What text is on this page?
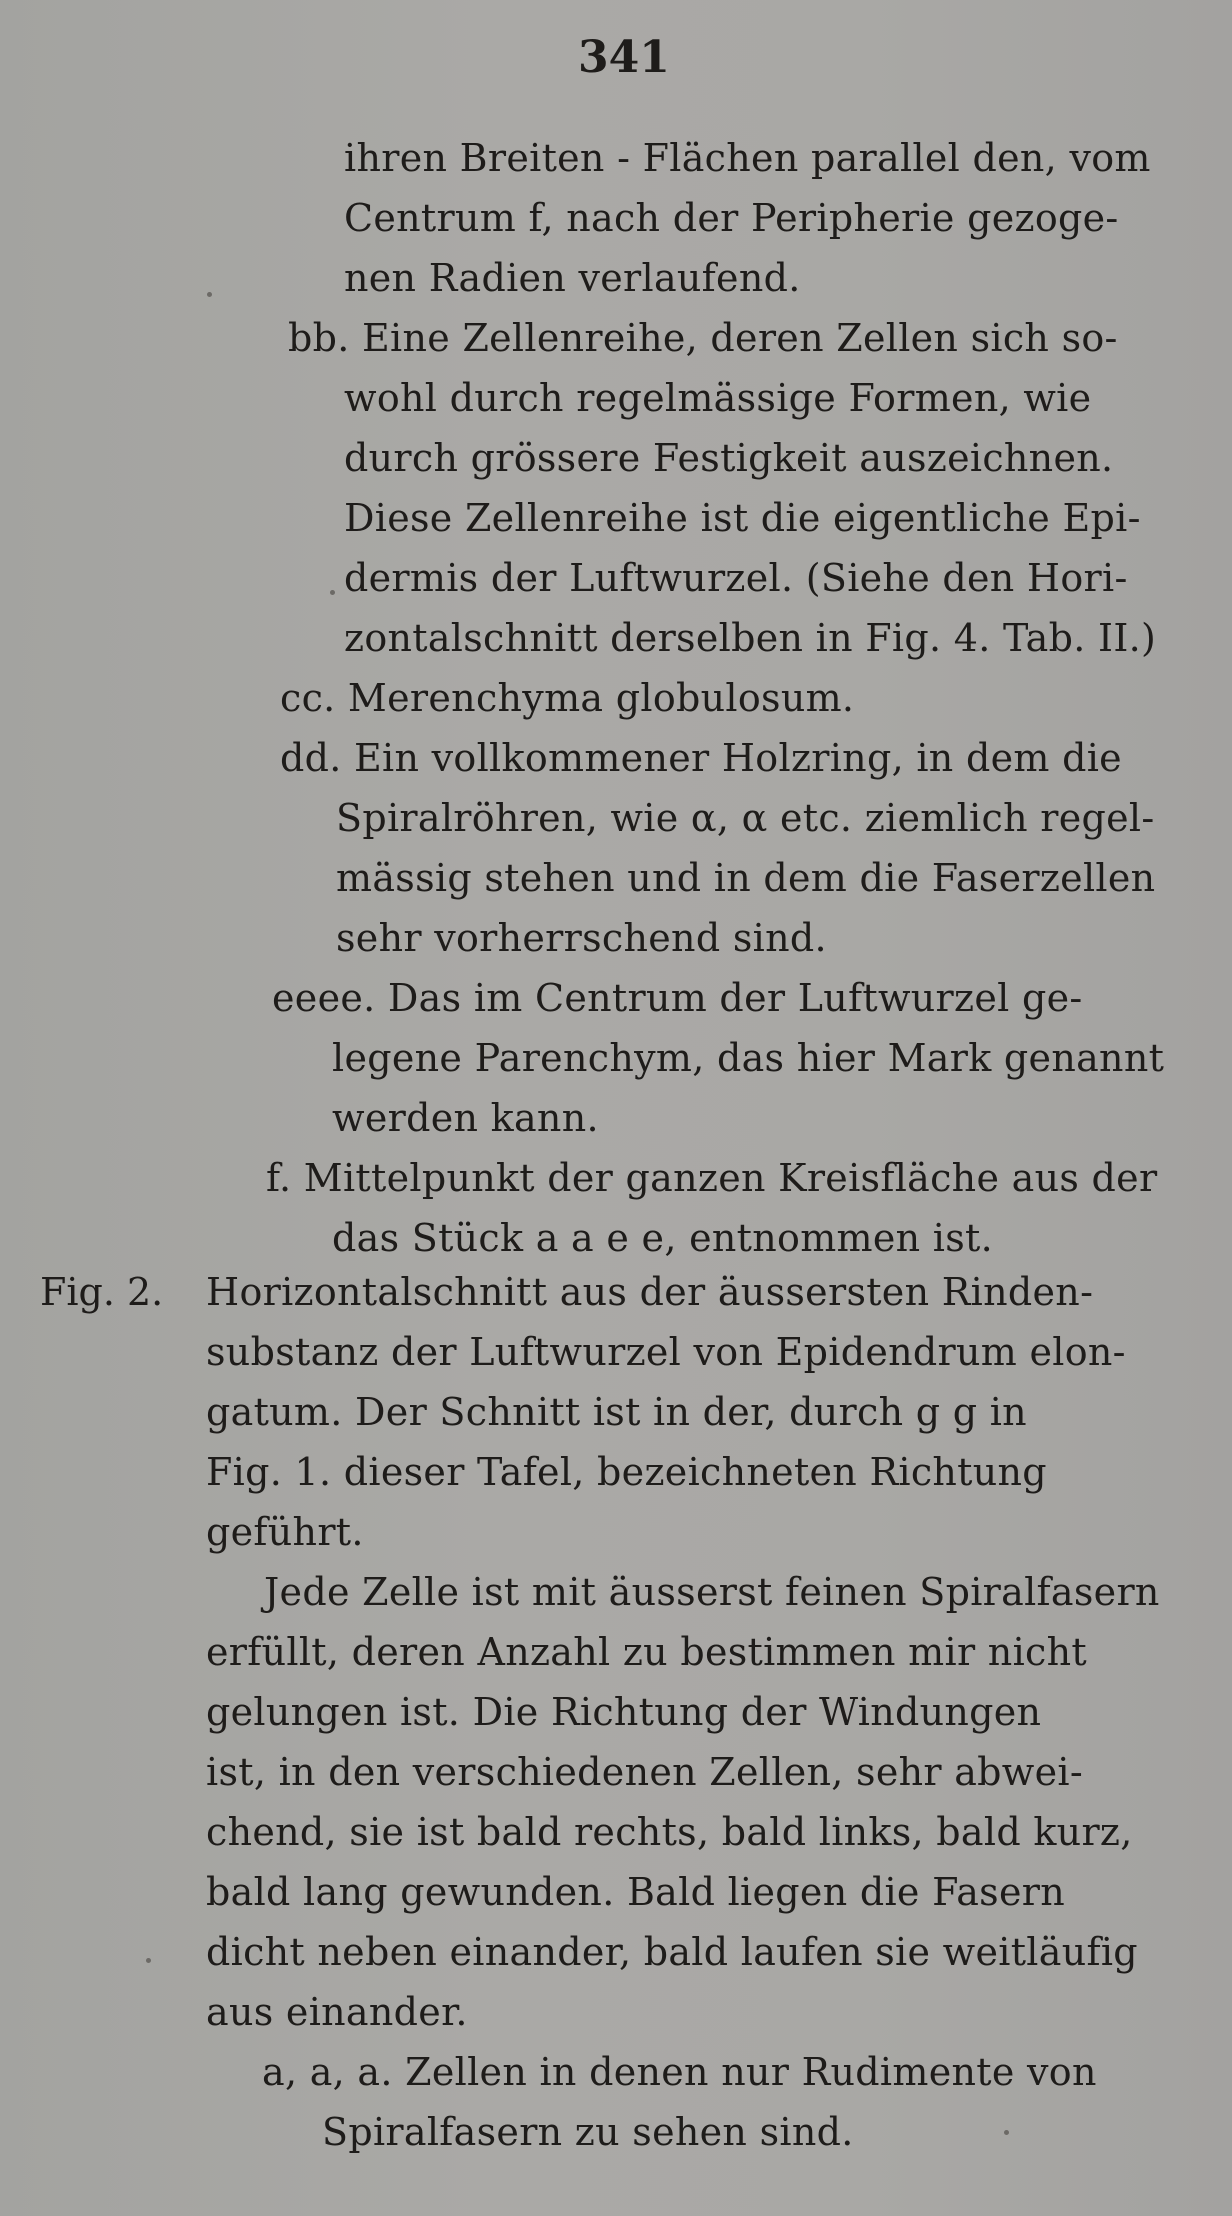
341
ihren Breiten - Flächen parallel den, vom
Centrum f, nach der Peripherie gezoge-
nen Radien verlaufend.
bb. Eine Zellenreihe, deren Zellen sich so-
wohl durch regelmässige Formen, wie
durch grössere Festigkeit auszeichnen.
Diese Zellenreihe ist die eigentliche Epi-
dermis der Luftwurzel. (Siehe den Hori-
zontalschnitt derselben in Fig. 4. Tab. II.)
cc. Merenchyma globulosum.
dd. Ein vollkommener Holzring, in dem die
Spiralröhren, wie α, α etc. ziemlich regel-
mässig stehen und in dem die Faserzellen
sehr vorherrschend sind.
eeee. Das im Centrum der Luftwurzel ge-
legene Parenchym, das hier Mark genannt
werden kann.
f. Mittelpunkt der ganzen Kreisfläche aus der
das Stück a a e e, entnommen ist.
Fig. 2. Horizontalschnitt aus der äussersten Rinden-
substanz der Luftwurzel von Epidendrum elon-
gatum. Der Schnitt ist in der, durch g g in
Fig. 1. dieser Tafel, bezeichneten Richtung
geführt.
Jede Zelle ist mit äusserst feinen Spiralfasern
erfüllt, deren Anzahl zu bestimmen mir nicht
gelungen ist. Die Richtung der Windungen
ist, in den verschiedenen Zellen, sehr abwei-
chend, sie ist bald rechts, bald links, bald kurz,
bald lang gewunden. Bald liegen die Fasern
dicht neben einander, bald laufen sie weitläufig
aus einander.
a, a, a. Zellen in denen nur Rudimente von
Spiralfasern zu sehen sind.
